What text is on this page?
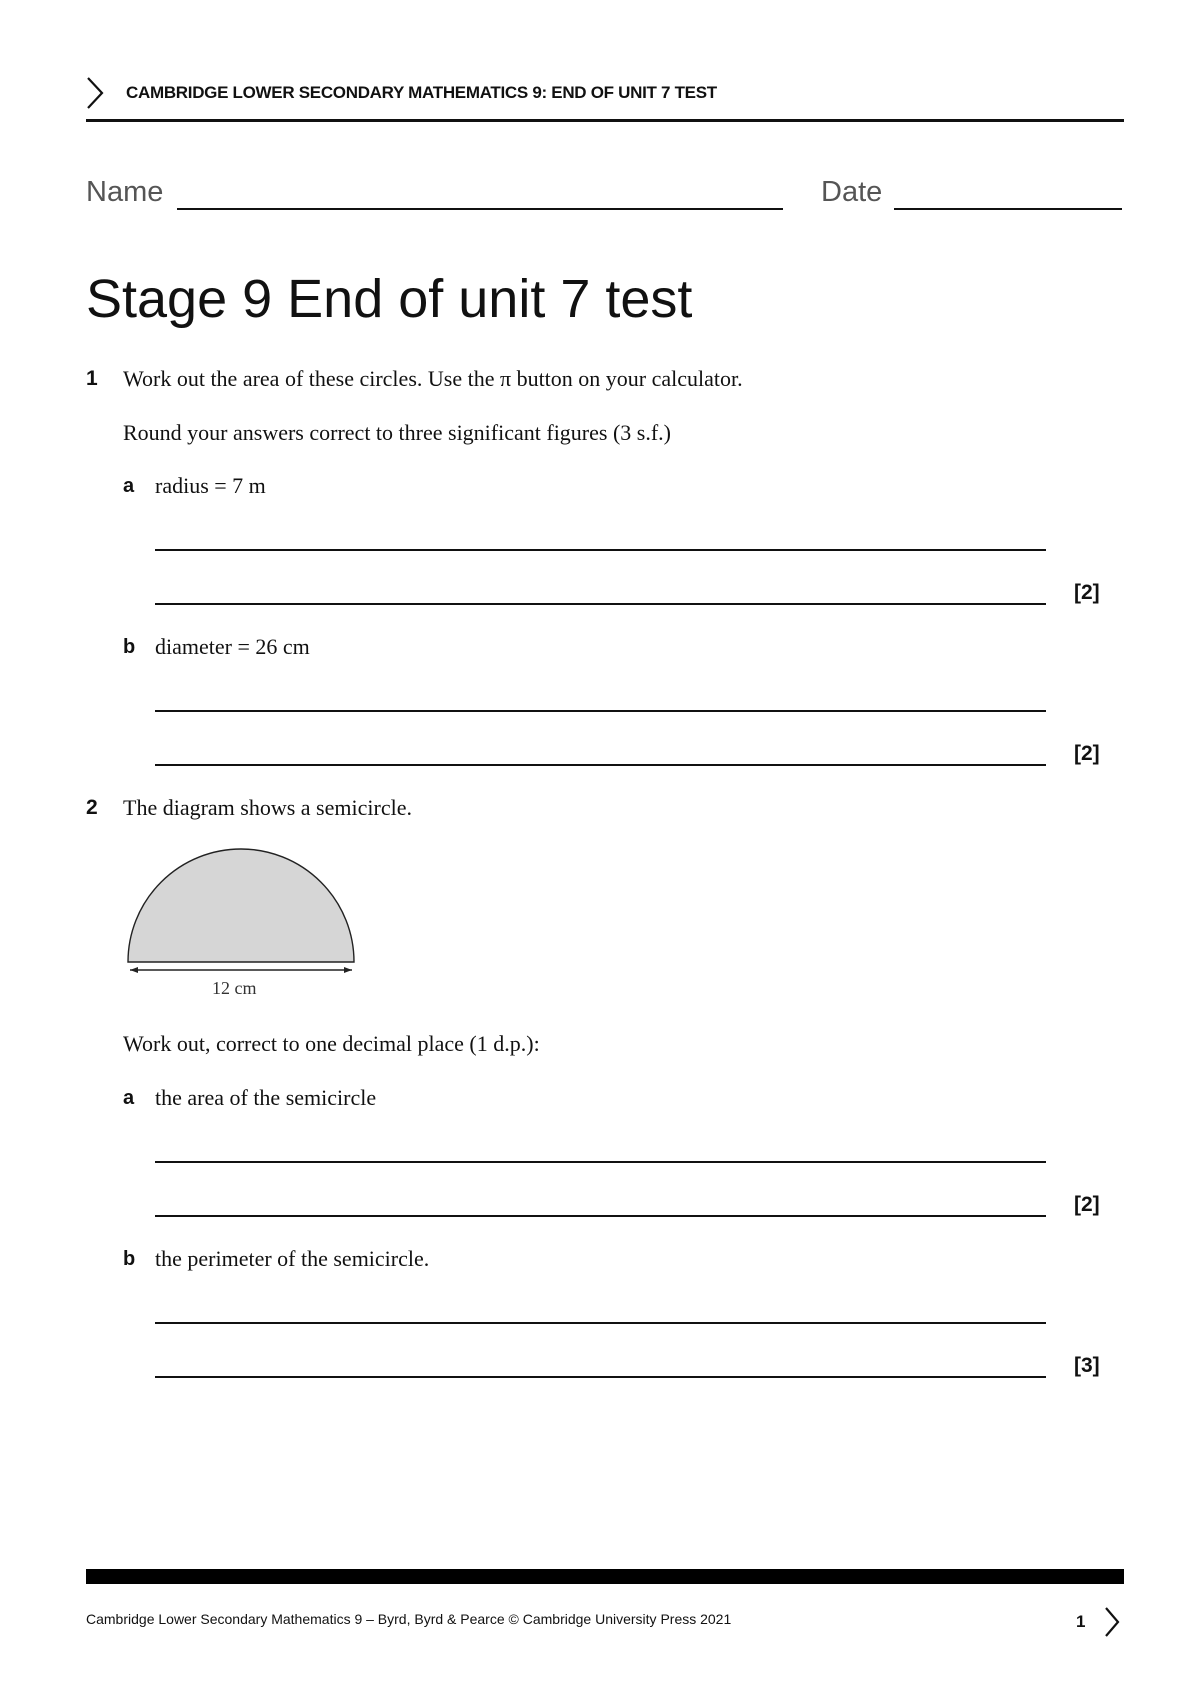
CAMBRIDGE LOWER SECONDARY MATHEMATICS 9: END OF UNIT 7 TEST
Name	Date
Stage 9 End of unit 7 test
1 Work out the area of these circles. Use the π button on your calculator.
Round your answers correct to three significant figures (3 s.f.)
a radius = 7 m
[2]
b diameter = 26 cm
[2]
2 The diagram shows a semicircle.
12 cm
Work out, correct to one decimal place (1 d.p.):
a the area of the semicircle
[2]
b the perimeter of the semicircle.
[3]
Cambridge Lower Secondary Mathematics 9 – Byrd, Byrd & Pearce © Cambridge University Press 2021	1
